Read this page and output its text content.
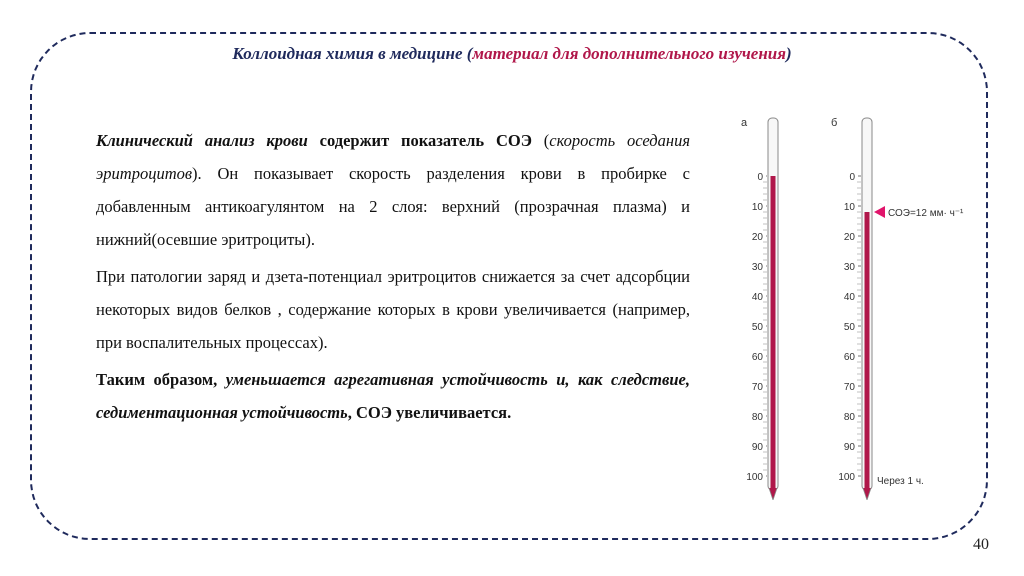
Коллоидная химия в медицине (материал для дополнительного изучения)

Клинический анализ крови содержит показатель СОЭ (скорость оседания эритроцитов). Он показывает скорость разделения крови в пробирке с добавленным антикоагулянтом на 2 слоя: верхний (прозрачная плазма) и нижний(осевшие эритроциты).

При патологии заряд и дзета-потенциал эритроцитов снижается за счет адсорбции некоторых видов белков , содержание которых в крови увеличивается (например, при воспалительных процессах).

Таким образом, уменьшается агрегативная устойчивость и, как следствие, седиментационная устойчивость, СОЭ увеличивается.

а	б
0
10
20
30
40
50
60
70
80
90
100
0
10
20
30
40
50
60
70
80
90
100
СОЭ=12 мм· ч⁻¹
Через 1 ч.
40
